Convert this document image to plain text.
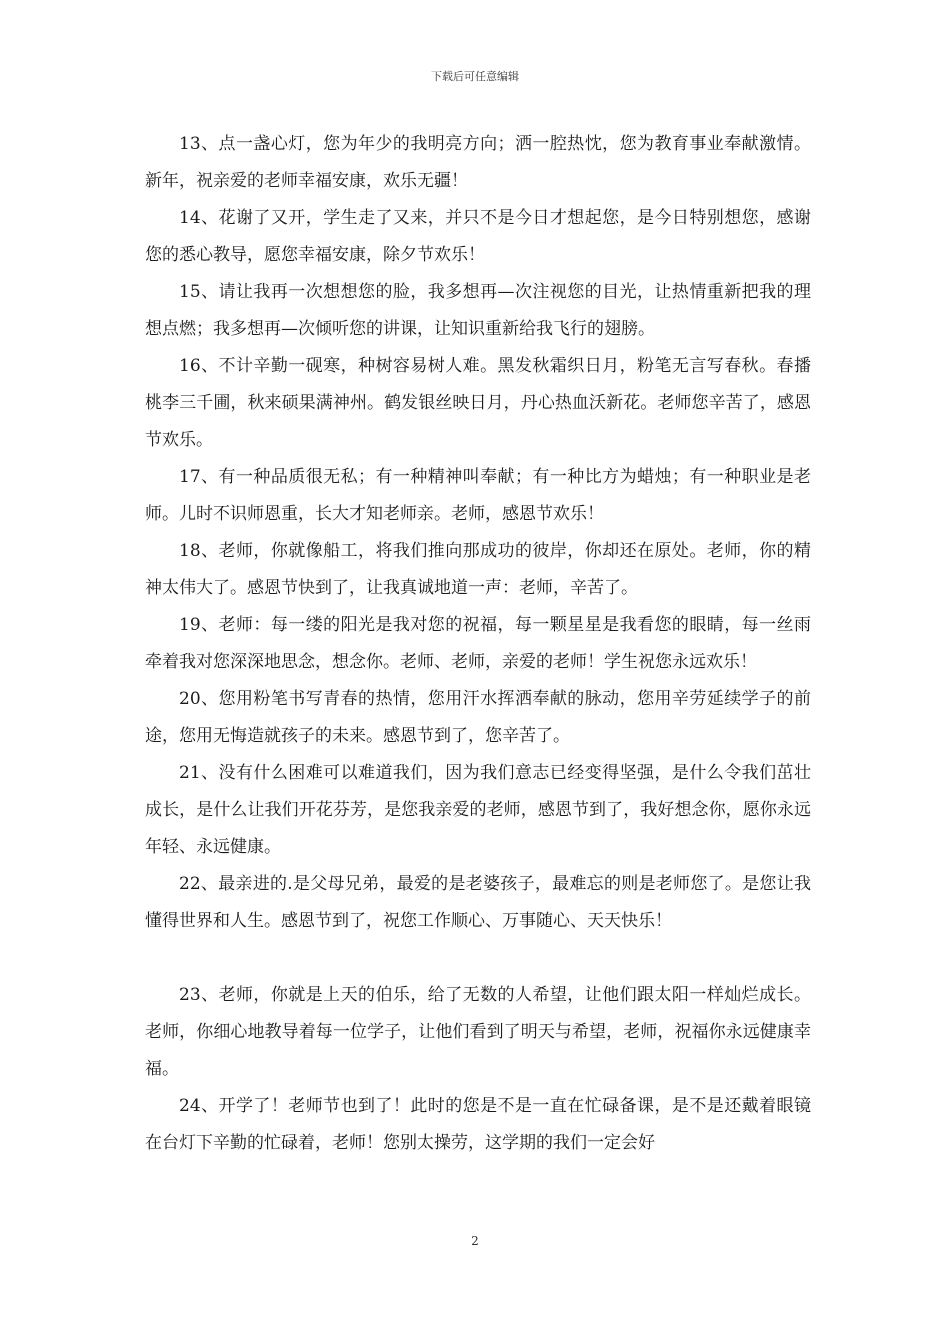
下载后可任意编辑

13、点一盏心灯，您为年少的我明亮方向；洒一腔热忱，您为教育事业奉献激情。新年，祝亲爱的老师幸福安康，欢乐无疆！

14、花谢了又开，学生走了又来，并只不是今日才想起您，是今日特别想您，感谢您的悉心教导，愿您幸福安康，除夕节欢乐！

15、请让我再一次想想您的脸，我多想再—次注视您的目光，让热情重新把我的理想点燃；我多想再—次倾听您的讲课，让知识重新给我飞行的翅膀。

16、不计辛勤一砚寒，种树容易树人难。黑发秋霜织日月，粉笔无言写春秋。春播桃李三千圃，秋来硕果满神州。鹤发银丝映日月，丹心热血沃新花。老师您辛苦了，感恩节欢乐。

17、有一种品质很无私；有一种精神叫奉献；有一种比方为蜡烛；有一种职业是老师。儿时不识师恩重，长大才知老师亲。老师，感恩节欢乐！

18、老师，你就像船工，将我们推向那成功的彼岸，你却还在原处。老师，你的精神太伟大了。感恩节快到了，让我真诚地道一声：老师，辛苦了。

19、老师：每一缕的阳光是我对您的祝福，每一颗星星是我看您的眼睛，每一丝雨牵着我对您深深地思念，想念你。老师、老师，亲爱的老师！学生祝您永远欢乐！

20、您用粉笔书写青春的热情，您用汗水挥洒奉献的脉动，您用辛劳延续学子的前途，您用无悔造就孩子的未来。感恩节到了，您辛苦了。

21、没有什么困难可以难道我们，因为我们意志已经变得坚强，是什么令我们茁壮成长，是什么让我们开花芬芳，是您我亲爱的老师，感恩节到了，我好想念你，愿你永远年轻、永远健康。

22、最亲进的.是父母兄弟，最爱的是老婆孩子，最难忘的则是老师您了。是您让我懂得世界和人生。感恩节到了，祝您工作顺心、万事随心、天天快乐！

23、老师，你就是上天的伯乐，给了无数的人希望，让他们跟太阳一样灿烂成长。老师，你细心地教导着每一位学子，让他们看到了明天与希望，老师，祝福你永远健康幸福。

24、开学了！老师节也到了！此时的您是不是一直在忙碌备课，是不是还戴着眼镜在台灯下辛勤的忙碌着，老师！您别太操劳，这学期的我们一定会好

2
